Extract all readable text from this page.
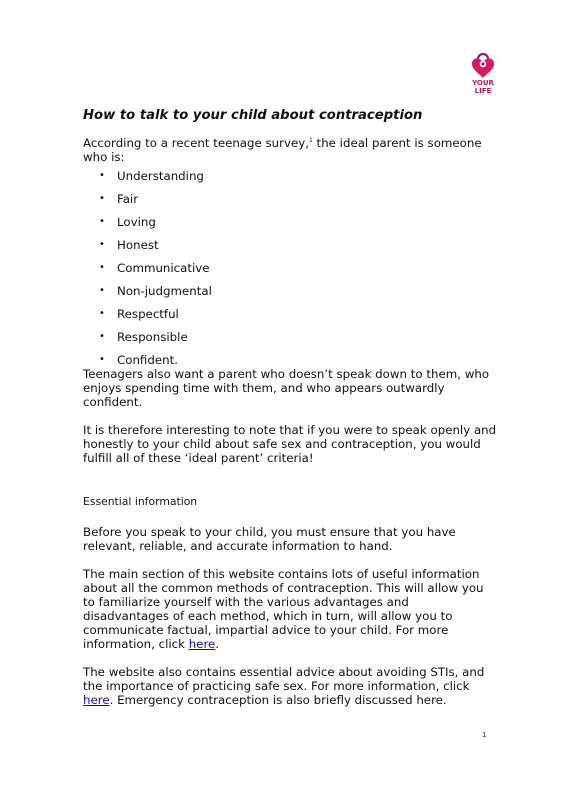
YOUR
LIFE
How to talk to your child about contraception

According to a recent teenage survey,$^1$ the ideal parent is someone who is:

• Understanding
• Fair
• Loving
• Honest
• Communicative
• Non-judgmental
• Respectful
• Responsible
• Confident.

Teenagers also want a parent who doesn’t speak down to them, who enjoys spending time with them, and who appears outwardly confident.

It is therefore interesting to note that if you were to speak openly and honestly to your child about safe sex and contraception, you would fulfill all of these ‘ideal parent’ criteria!

Essential information

Before you speak to your child, you must ensure that you have relevant, reliable, and accurate information to hand.

The main section of this website contains lots of useful information about all the common methods of contraception. This will allow you to familiarize yourself with the various advantages and disadvantages of each method, which in turn, will allow you to communicate factual, impartial advice to your child. For more information, click here.

The website also contains essential advice about avoiding STIs, and the importance of practicing safe sex. For more information, click here. Emergency contraception is also briefly discussed here.

1
